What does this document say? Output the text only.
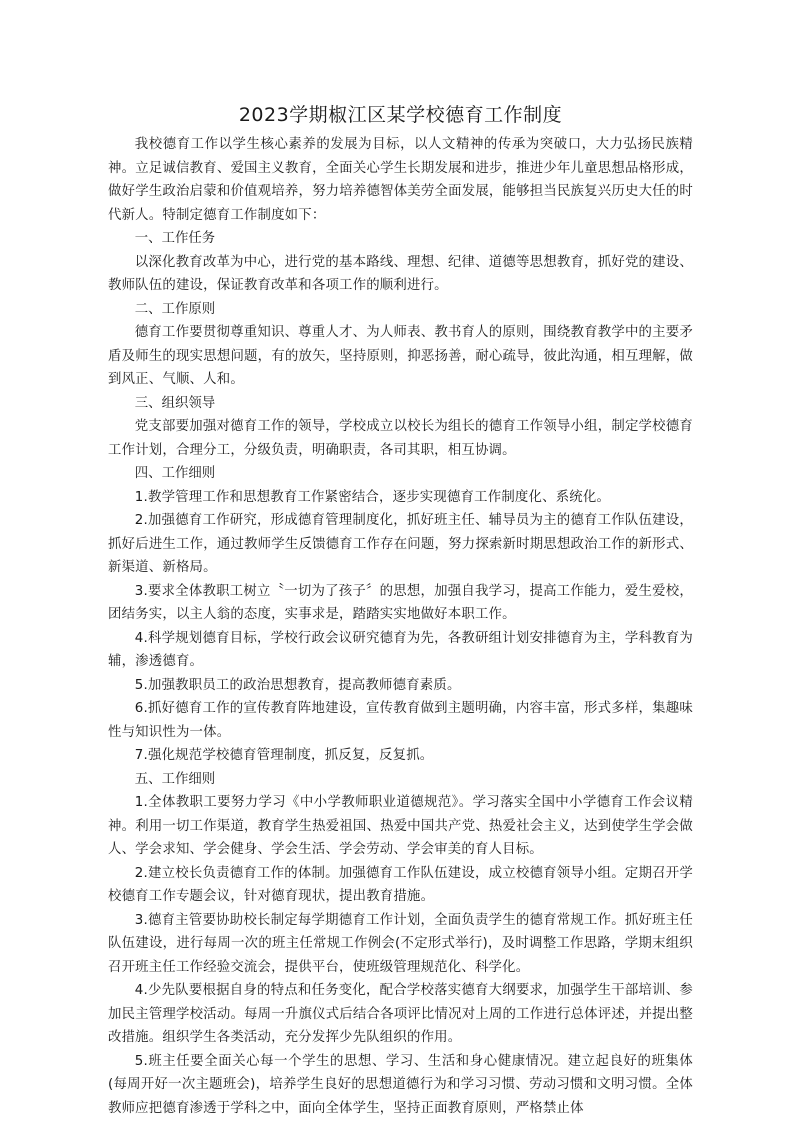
2023学期椒江区某学校德育工作制度

我校德育工作以学生核心素养的发展为目标，以人文精神的传承为突破口，大力弘扬民族精神。立足诚信教育、爱国主义教育，全面关心学生长期发展和进步，推进少年儿童思想品格形成，做好学生政治启蒙和价值观培养，努力培养德智体美劳全面发展，能够担当民族复兴历史大任的时代新人。特制定德育工作制度如下：

一、工作任务

以深化教育改革为中心，进行党的基本路线、理想、纪律、道德等思想教育，抓好党的建设、教师队伍的建设，保证教育改革和各项工作的顺利进行。

二、工作原则

德育工作要贯彻尊重知识、尊重人才、为人师表、教书育人的原则，围绕教育教学中的主要矛盾及师生的现实思想问题，有的放矢，坚持原则，抑恶扬善，耐心疏导，彼此沟通，相互理解，做到风正、气顺、人和。

三、组织领导

党支部要加强对德育工作的领导，学校成立以校长为组长的德育工作领导小组，制定学校德育工作计划，合理分工，分级负责，明确职责，各司其职，相互协调。

四、工作细则

1.教学管理工作和思想教育工作紧密结合，逐步实现德育工作制度化、系统化。

2.加强德育工作研究，形成德育管理制度化，抓好班主任、辅导员为主的德育工作队伍建设，抓好后进生工作，通过教师学生反馈德育工作存在问题，努力探索新时期思想政治工作的新形式、新渠道、新格局。

3.要求全体教职工树立〝一切为了孩子〞的思想，加强自我学习，提高工作能力，爱生爱校，团结务实，以主人翁的态度，实事求是，踏踏实实地做好本职工作。

4.科学规划德育目标，学校行政会议研究德育为先，各教研组计划安排德育为主，学科教育为辅，渗透德育。

5.加强教职员工的政治思想教育，提高教师德育素质。

6.抓好德育工作的宣传教育阵地建设，宣传教育做到主题明确，内容丰富，形式多样，集趣味性与知识性为一体。

7.强化规范学校德育管理制度，抓反复，反复抓。

五、工作细则

1.全体教职工要努力学习《中小学教师职业道德规范》。学习落实全国中小学德育工作会议精神。利用一切工作渠道，教育学生热爱祖国、热爱中国共产党、热爱社会主义，达到使学生学会做人、学会求知、学会健身、学会生活、学会劳动、学会审美的育人目标。

2.建立校长负责德育工作的体制。加强德育工作队伍建设，成立校德育领导小组。定期召开学校德育工作专题会议，针对德育现状，提出教育措施。

3.德育主管要协助校长制定每学期德育工作计划，全面负责学生的德育常规工作。抓好班主任队伍建设，进行每周一次的班主任常规工作例会(不定形式举行)，及时调整工作思路，学期末组织召开班主任工作经验交流会，提供平台，使班级管理规范化、科学化。

4.少先队要根据自身的特点和任务变化，配合学校落实德育大纲要求，加强学生干部培训、参加民主管理学校活动。每周一升旗仪式后结合各项评比情况对上周的工作进行总体评述，并提出整改措施。组织学生各类活动，充分发挥少先队组织的作用。

5.班主任要全面关心每一个学生的思想、学习、生活和身心健康情况。建立起良好的班集体(每周开好一次主题班会)，培养学生良好的思想道德行为和学习习惯、劳动习惯和文明习惯。全体教师应把德育渗透于学科之中，面向全体学生，坚持正面教育原则，严格禁止体
